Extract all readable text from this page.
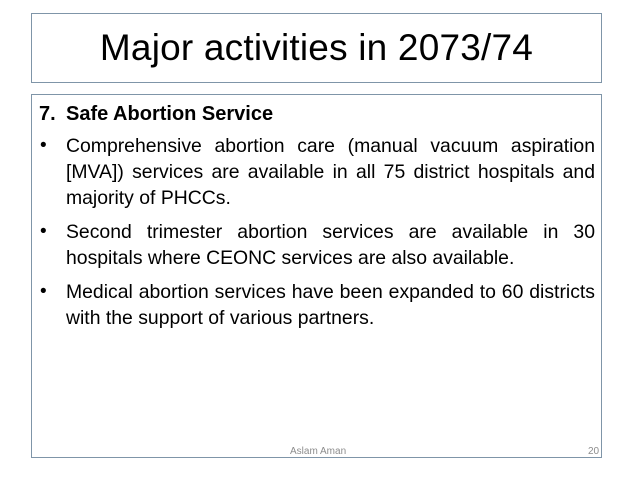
Major activities in 2073/74
7. Safe Abortion Service
• Comprehensive abortion care (manual vacuum aspiration [MVA]) services are available in all 75 district hospitals and majority of PHCCs.
• Second trimester abortion services are available in 30 hospitals where CEONC services are also available.
• Medical abortion services have been expanded to 60 districts with the support of various partners.
Aslam Aman	20
